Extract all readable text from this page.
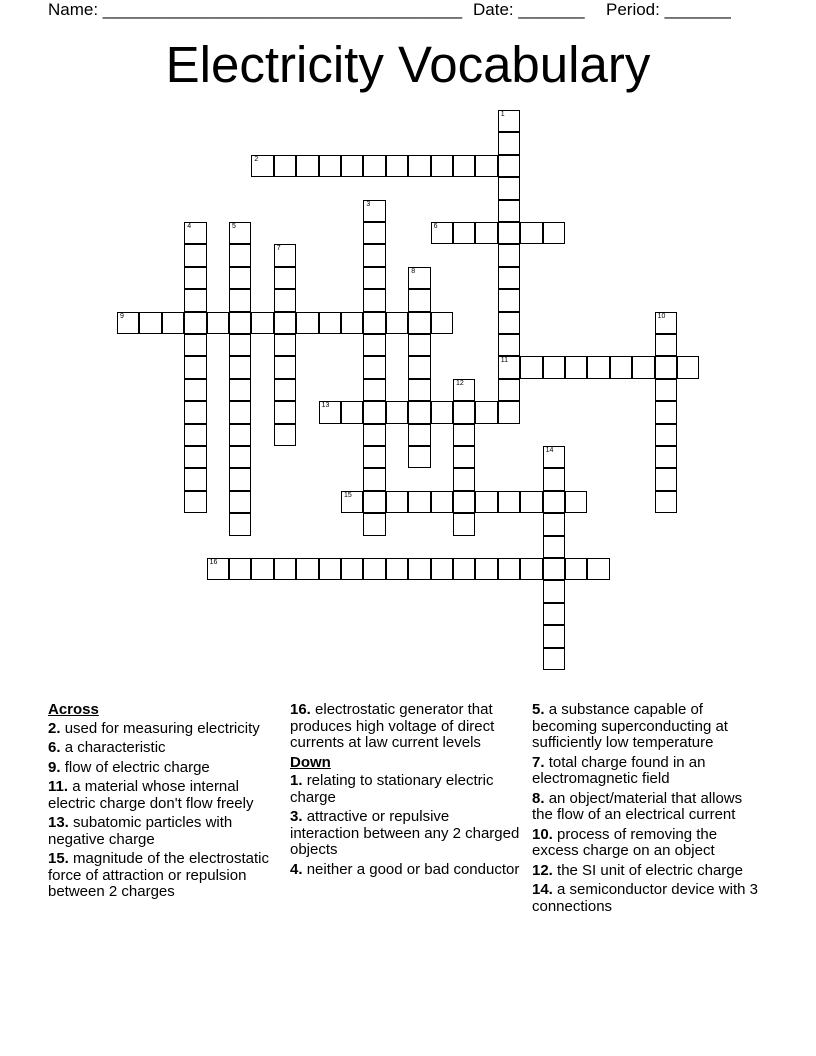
Name: ______________________________________ Date: _______ Period: _______
Electricity Vocabulary
1
11
2
3
4	5	6
7
8
9	10
12
13
14
15
16
Across
2. used for measuring electricity
6. a characteristic
9. flow of electric charge
11. a material whose internal electric charge don't flow freely
13. subatomic particles with negative charge
15. magnitude of the electrostatic force of attraction or repulsion between 2 charges
16. electrostatic generator that produces high voltage of direct currents at law current levels
Down
1. relating to stationary electric charge
3. attractive or repulsive interaction between any 2 charged objects
4. neither a good or bad conductor
5. a substance capable of becoming superconducting at sufficiently low temperature
7. total charge found in an electromagnetic field
8. an object/material that allows the flow of an electrical current
10. process of removing the excess charge on an object
12. the SI unit of electric charge
14. a semiconductor device with 3 connections
